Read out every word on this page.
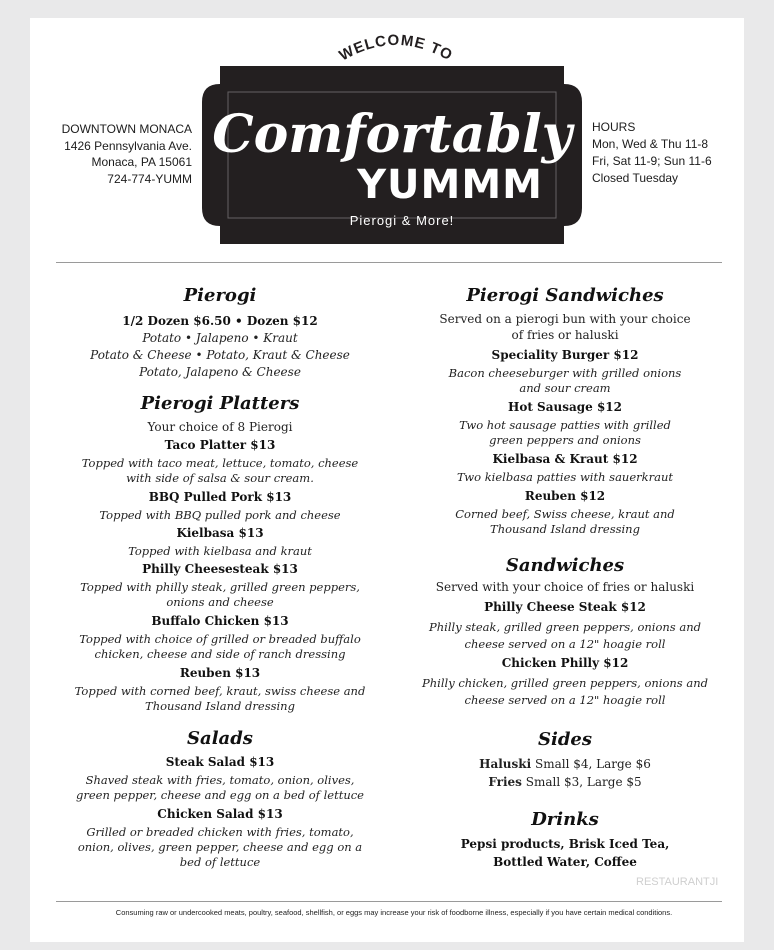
WELCOME TO
Comfortably
YUMMM
Pierogi & More!
DOWNTOWN MONACA
1426 Pennsylvania Ave.
Monaca, PA 15061
724-774-YUMM
HOURS
Mon, Wed & Thu 11-8
Fri, Sat 11-9; Sun 11-6
Closed Tuesday
Pierogi
1/2 Dozen $6.50 • Dozen $12
Potato • Jalapeno • Kraut
Potato & Cheese • Potato, Kraut & Cheese
Potato, Jalapeno & Cheese
Pierogi Platters
Your choice of 8 Pierogi
Taco Platter $13
Topped with taco meat, lettuce, tomato, cheese
with side of salsa & sour cream.
BBQ Pulled Pork $13
Topped with BBQ pulled pork and cheese
Kielbasa $13
Topped with kielbasa and kraut
Philly Cheesesteak $13
Topped with philly steak, grilled green peppers,
onions and cheese
Buffalo Chicken $13
Topped with choice of grilled or breaded buffalo
chicken, cheese and side of ranch dressing
Reuben $13
Topped with corned beef, kraut, swiss cheese and
Thousand Island dressing
Salads
Steak Salad $13
Shaved steak with fries, tomato, onion, olives,
green pepper, cheese and egg on a bed of lettuce
Chicken Salad $13
Grilled or breaded chicken with fries, tomato,
onion, olives, green pepper, cheese and egg on a
bed of lettuce
Pierogi Sandwiches
Served on a pierogi bun with your choice
of fries or haluski
Speciality Burger $12
Bacon cheeseburger with grilled onions
and sour cream
Hot Sausage $12
Two hot sausage patties with grilled
green peppers and onions
Kielbasa & Kraut $12
Two kielbasa patties with sauerkraut
Reuben $12
Corned beef, Swiss cheese, kraut and
Thousand Island dressing
Sandwiches
Served with your choice of fries or haluski
Philly Cheese Steak $12
Philly steak, grilled green peppers, onions and
cheese served on a 12" hoagie roll
Chicken Philly $12
Philly chicken, grilled green peppers, onions and
cheese served on a 12" hoagie roll
Sides
Haluski Small $4, Large $6
Fries Small $3, Large $5
Drinks
Pepsi products, Brisk Iced Tea,
Bottled Water, Coffee
RESTAURANTJI
Consuming raw or undercooked meats, poultry, seafood, shellfish, or eggs may increase your risk of foodborne illness, especially if you have certain medical conditions.
